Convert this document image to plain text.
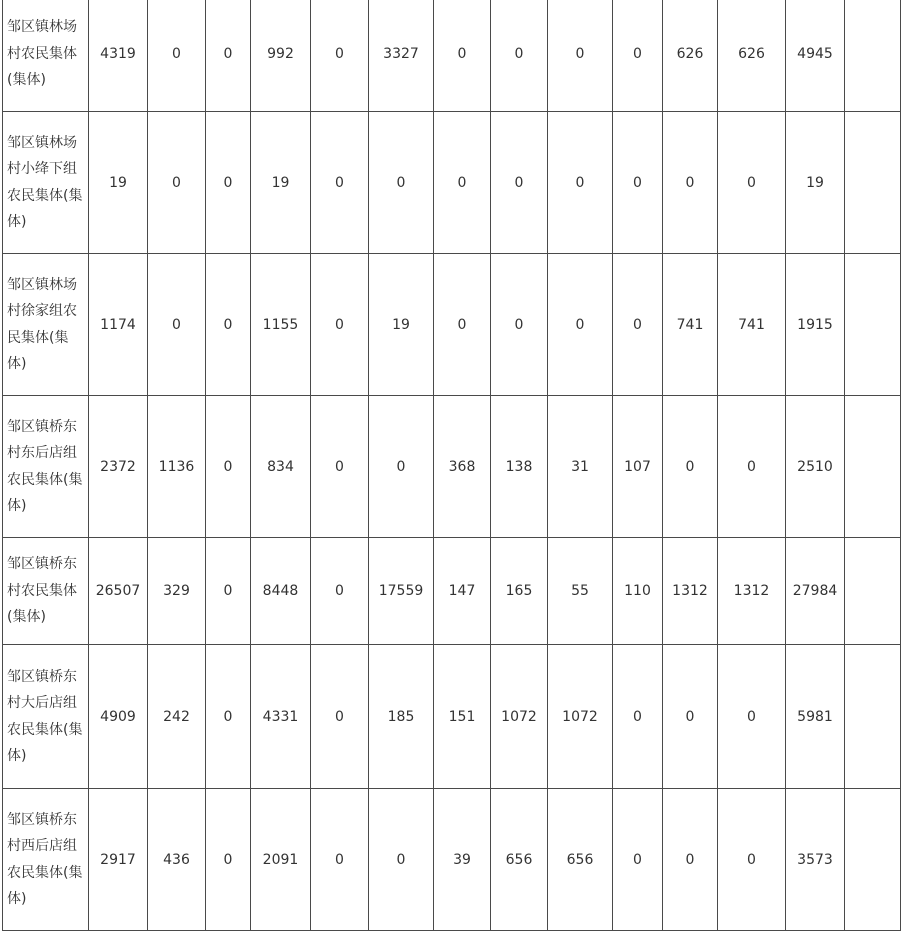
邹区镇林场村农民集体(集体)	4319	0	0	992	0	3327	0	0	0	0	626	626	4945	
邹区镇林场村小绛下组农民集体(集体)	19	0	0	19	0	0	0	0	0	0	0	0	19	
邹区镇林场村徐家组农民集体(集体)	1174	0	0	1155	0	19	0	0	0	0	741	741	1915	
邹区镇桥东村东后店组农民集体(集体)	2372	1136	0	834	0	0	368	138	31	107	0	0	2510	
邹区镇桥东村农民集体(集体)	26507	329	0	8448	0	17559	147	165	55	110	1312	1312	27984	
邹区镇桥东村大后店组农民集体(集体)	4909	242	0	4331	0	185	151	1072	1072	0	0	0	5981	
邹区镇桥东村西后店组农民集体(集体)	2917	436	0	2091	0	0	39	656	656	0	0	0	3573	
